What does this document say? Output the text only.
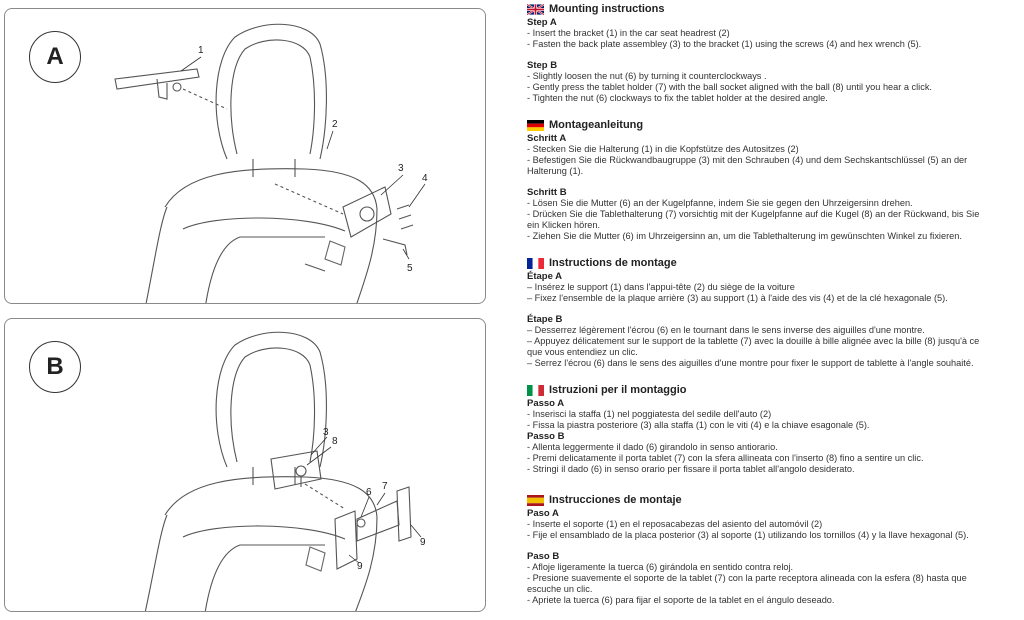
1
2
3
4
5
A
3
8
6
7
9
9
B
Mounting instructions
Step A
- Insert the bracket (1) in the car seat headrest (2)
- Fasten the back plate assembley (3) to the bracket (1) using the screws (4) and hex wrench (5).
Step B
- Slightly loosen the nut (6) by turning it counterclockways .
- Gently press the tablet holder (7) with the ball socket aligned with the ball (8) until you hear a click.
- Tighten the nut (6) clockways to fix the tablet holder at the desired angle.
Montageanleitung
Schritt A
- Stecken Sie die Halterung (1) in die Kopfstütze des Autositzes (2)
- Befestigen Sie die Rückwandbaugruppe (3) mit den Schrauben (4) und dem Sechskantschlüssel (5) an der
Halterung (1).
Schritt B
- Lösen Sie die Mutter (6) an der Kugelpfanne, indem Sie sie gegen den Uhrzeigersinn drehen.
- Drücken Sie die Tablethalterung (7) vorsichtig mit der Kugelpfanne auf die Kugel (8) an der Rückwand, bis Sie
ein Klicken hören.
- Ziehen Sie die Mutter (6) im Uhrzeigersinn an, um die Tablethalterung im gewünschten Winkel zu fixieren.
Instructions de montage
Étape A
– Insérez le support (1) dans l'appui-tête (2) du siège de la voiture
– Fixez l'ensemble de la plaque arrière (3) au support (1) à l'aide des vis (4) et de la clé hexagonale (5).
Étape B
– Desserrez légèrement l'écrou (6) en le tournant dans le sens inverse des aiguilles d'une montre.
– Appuyez délicatement sur le support de la tablette (7) avec la douille à bille alignée avec la bille (8) jusqu'à ce
que vous entendiez un clic.
– Serrez l'écrou (6) dans le sens des aiguilles d'une montre pour fixer le support de tablette à l'angle souhaité.
Istruzioni per il montaggio
Passo A
- Inserisci la staffa (1) nel poggiatesta del sedile dell'auto (2)
- Fissa la piastra posteriore (3) alla staffa (1) con le viti (4) e la chiave esagonale (5).
Passo B
- Allenta leggermente il dado (6) girandolo in senso antiorario.
- Premi delicatamente il porta tablet (7) con la sfera allineata con l'inserto (8) fino a sentire un clic.
- Stringi il dado (6) in senso orario per fissare il porta tablet all'angolo desiderato.
Instrucciones de montaje
Paso A
- Inserte el soporte (1) en el reposacabezas del asiento del automóvil (2)
- Fije el ensamblado de la placa posterior (3) al soporte (1) utilizando los tornillos (4) y la llave hexagonal (5).
Paso B
- Afloje ligeramente la tuerca (6) girándola en sentido contra reloj.
- Presione suavemente el soporte de la tablet (7) con la parte receptora alineada con la esfera (8) hasta que
escuche un clic.
- Apriete la tuerca (6) para fijar el soporte de la tablet en el ángulo deseado.
